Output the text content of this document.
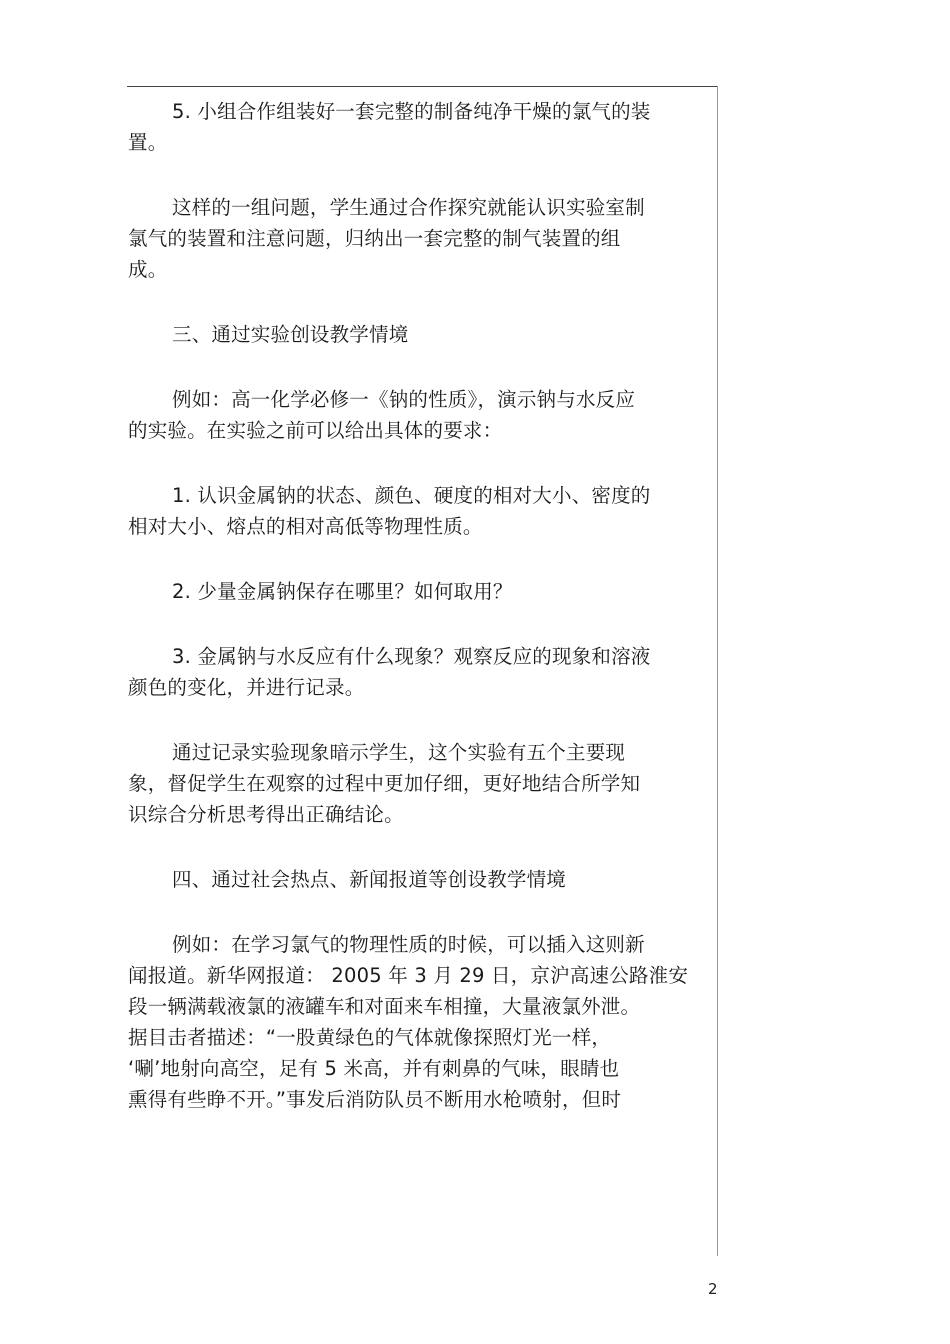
5. 小组合作组装好一套完整的制备纯净干燥的氯气的装
置。

这样的一组问题，学生通过合作探究就能认识实验室制
氯气的装置和注意问题，归纳出一套完整的制气装置的组
成。

三、通过实验创设教学情境

例如：高一化学必修一《钠的性质》，演示钠与水反应
的实验。在实验之前可以给出具体的要求：

1. 认识金属钠的状态、颜色、硬度的相对大小、密度的
相对大小、熔点的相对高低等物理性质。

2. 少量金属钠保存在哪里？如何取用？

3. 金属钠与水反应有什么现象？观察反应的现象和溶液
颜色的变化，并进行记录。

通过记录实验现象暗示学生，这个实验有五个主要现
象，督促学生在观察的过程中更加仔细，更好地结合所学知
识综合分析思考得出正确结论。

四、通过社会热点、新闻报道等创设教学情境

例如：在学习氯气的物理性质的时候，可以插入这则新
闻报道。新华网报道： 2005 年 3 月 29 日，京沪高速公路淮安
段一辆满载液氯的液罐车和对面来车相撞，大量液氯外泄。
据目击者描述：“一股黄绿色的气体就像探照灯光一样，
‘唰’地射向高空，足有 5 米高，并有刺鼻的气味，眼睛也
熏得有些睁不开。”事发后消防队员不断用水枪喷射，但时

2
